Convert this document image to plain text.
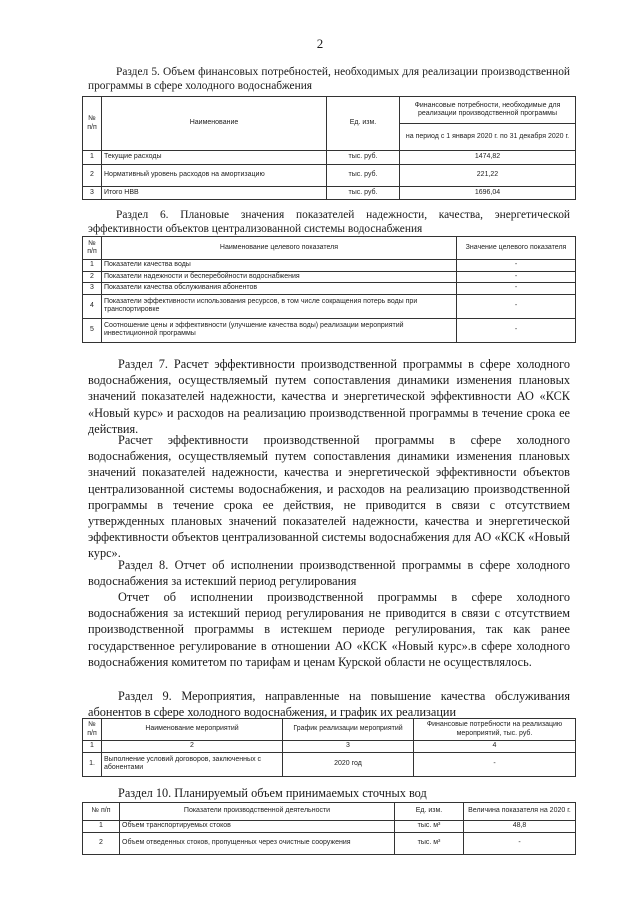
2
Раздел 5. Объем финансовых потребностей, необходимых для реализации производственной программы в сфере холодного водоснабжения
№ п/п	Наименование	Ед. изм.	Финансовые потребности, необходимые для реализации производственной программы
			на период с 1 января 2020 г. по 31 декабря 2020 г.
1	Текущие расходы	тыс. руб.	1474,82
2	Нормативный уровень расходов на амортизацию	тыс. руб.	221,22
3	Итого НВВ	тыс. руб.	1696,04
Раздел 6. Плановые значения показателей надежности, качества, энергетической эффективности объектов централизованной системы водоснабжения
№ п/п	Наименование целевого показателя	Значение целевого показателя
1	Показатели качества воды	-
2	Показатели надежности и бесперебойности водоснабжения	-
3	Показатели качества обслуживания абонентов	-
4	Показатели эффективности использования ресурсов, в том числе сокращения потерь воды при транспортировке	-
5	Соотношение цены и эффективности (улучшение качества воды) реализации мероприятий инвестиционной программы	-
Раздел 7. Расчет эффективности производственной программы в сфере холодного водоснабжения, осуществляемый путем сопоставления динамики изменения плановых значений показателей надежности, качества и энергетической эффективности АО «КСК «Новый курс» и расходов на реализацию производственной программы в течение срока ее действия.
Расчет эффективности производственной программы в сфере холодного водоснабжения, осуществляемый путем сопоставления динамики изменения плановых значений показателей надежности, качества и энергетической эффективности объектов централизованной системы водоснабжения, и расходов на реализацию производственной программы в течение срока ее действия, не приводится в связи с отсутствием утвержденных плановых значений показателей надежности, качества и энергетической эффективности объектов централизованной системы водоснабжения для АО «КСК «Новый курс».
Раздел 8. Отчет об исполнении производственной программы в сфере холодного водоснабжения за истекший период регулирования
Отчет об исполнении производственной программы в сфере холодного водоснабжения за истекший период регулирования не приводится в связи с отсутствием производственной программы в истекшем периоде регулирования, так как ранее государственное регулирование в отношении АО «КСК «Новый курс».в сфере холодного водоснабжения комитетом по тарифам и ценам Курской области не осуществлялось.
Раздел 9. Мероприятия, направленные на повышение качества обслуживания абонентов в сфере холодного водоснабжения, и график их реализации
№ п/п	Наименование мероприятий	График реализации мероприятий	Финансовые потребности на реализацию мероприятий, тыс. руб.
1	2	3	4
1.	Выполнение условий договоров, заключенных с абонентами	2020 год	-
Раздел 10. Планируемый объем принимаемых сточных вод
№ п/п	Показатели производственной деятельности	Ед. изм.	Величина показателя на 2020 г.
1	Объем транспортируемых стоков	тыс. м³	48,8
2	Объем отведенных стоков, пропущенных через очистные сооружения	тыс. м³	-
